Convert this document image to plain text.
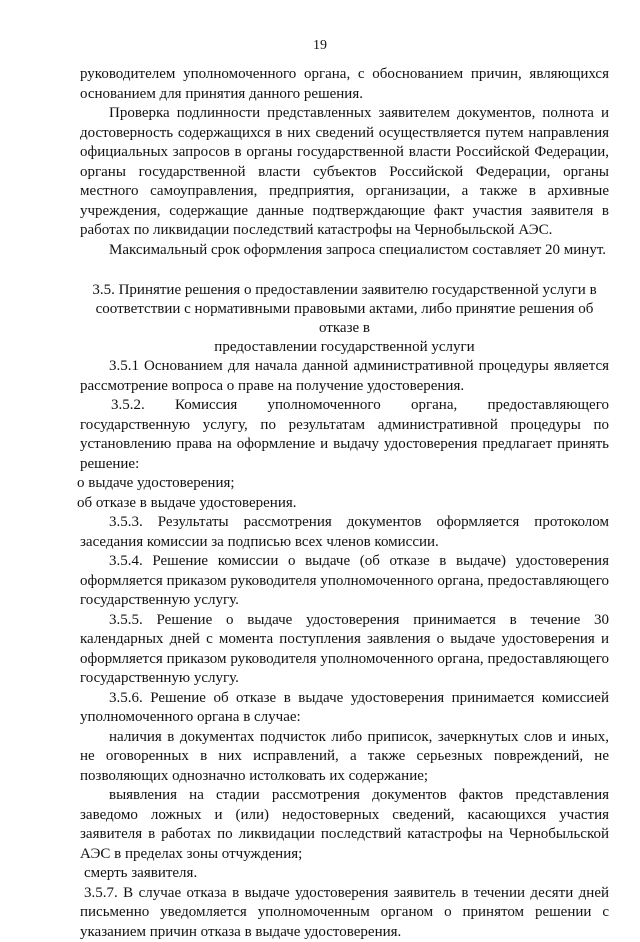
19

руководителем уполномоченного органа, с обоснованием причин, являющихся основанием для принятия данного решения.

Проверка подлинности представленных заявителем документов, полнота и достоверность содержащихся в них сведений осуществляется путем направления официальных запросов в органы государственной власти Российской Федерации, органы государственной власти субъектов Российской Федерации, органы местного самоуправления, предприятия, организации, а также в архивные учреждения, содержащие данные подтверждающие факт участия заявителя в работах по ликвидации последствий катастрофы на Чернобыльской АЭС.

Максимальный срок оформления запроса специалистом составляет 20 минут.

3.5. Принятие решения о предоставлении заявителю государственной услуги в
соответствии с нормативными правовыми актами, либо принятие решения об отказе в
предоставлении государственной услуги

3.5.1 Основанием для начала данной административной процедуры является рассмотрение вопроса о праве на получение удостоверения.

3.5.2. Комиссия уполномоченного органа, предоставляющего государственную услугу, по результатам административной процедуры по установлению права на оформление и выдачу удостоверения предлагает принять решение:

о выдаче удостоверения;

об отказе в выдаче удостоверения.

3.5.3. Результаты рассмотрения документов оформляется протоколом заседания комиссии за подписью всех членов комиссии.

3.5.4. Решение комиссии о выдаче (об отказе в выдаче) удостоверения оформляется приказом руководителя уполномоченного органа, предоставляющего государственную услугу.

3.5.5. Решение о выдаче удостоверения принимается в течение 30 календарных дней с момента поступления заявления о выдаче удостоверения и оформляется приказом руководителя уполномоченного органа, предоставляющего государственную услугу.

3.5.6. Решение об отказе в выдаче удостоверения принимается комиссией уполномоченного органа в случае:

наличия в документах подчисток либо приписок, зачеркнутых слов и иных, не оговоренных в них исправлений, а также серьезных повреждений, не позволяющих однозначно истолковать их содержание;

выявления на стадии рассмотрения документов фактов представления заведомо ложных и (или) недостоверных сведений, касающихся участия заявителя в работах по ликвидации последствий катастрофы на Чернобыльской АЭС в пределах зоны отчуждения;

смерть заявителя.

3.5.7. В случае отказа в выдаче удостоверения заявитель в течении десяти дней письменно уведомляется уполномоченным органом о принятом решении с указанием причин отказа в выдаче удостоверения.
